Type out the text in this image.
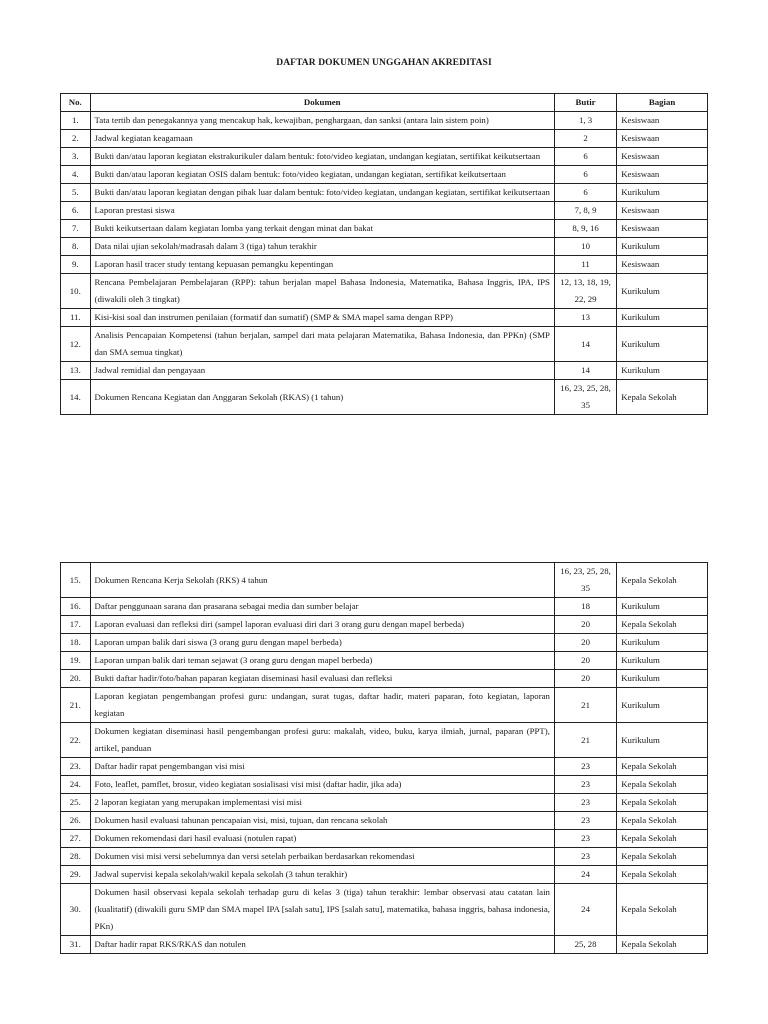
DAFTAR DOKUMEN UNGGAHAN AKREDITASI
No.	Dokumen	Butir	Bagian
1.	Tata tertib dan penegakannya yang mencakup hak, kewajiban, penghargaan, dan sanksi (antara lain sistem poin)	1, 3	Kesiswaan
2.	Jadwal kegiatan keagamaan	2	Kesiswaan
3.	Bukti dan/atau laporan kegiatan ekstrakurikuler dalam bentuk: foto/video kegiatan, undangan kegiatan, sertifikat keikutsertaan	6	Kesiswaan
4.	Bukti dan/atau laporan kegiatan OSIS dalam bentuk: foto/video kegiatan, undangan kegiatan, sertifikat keikutsertaan	6	Kesiswaan
5.	Bukti dan/atau laporan kegiatan dengan pihak luar dalam bentuk: foto/video kegiatan, undangan kegiatan, sertifikat keikutsertaan	6	Kurikulum
6.	Laporan prestasi siswa	7, 8, 9	Kesiswaan
7.	Bukti keikutsertaan dalam kegiatan lomba yang terkait dengan minat dan bakat	8, 9, 16	Kesiswaan
8.	Data nilai ujian sekolah/madrasah dalam 3 (tiga) tahun terakhir	10	Kurikulum
9.	Laporan hasil tracer study tentang kepuasan pemangku kepentingan	11	Kesiswaan
10.	Rencana Pembelajaran Pembelajaran (RPP): tahun berjalan mapel Bahasa Indonesia, Matematika, Bahasa Inggris, IPA, IPS (diwakili oleh 3 tingkat)	12, 13, 18, 19, 22, 29	Kurikulum
11.	Kisi-kisi soal dan instrumen penilaian (formatif dan sumatif) (SMP & SMA mapel sama dengan RPP)	13	Kurikulum
12.	Analisis Pencapaian Kompetensi (tahun berjalan, sampel dari mata pelajaran Matematika, Bahasa Indonesia, dan PPKn) (SMP dan SMA semua tingkat)	14	Kurikulum
13.	Jadwal remidial dan pengayaan	14	Kurikulum
14.	Dokumen Rencana Kegiatan dan Anggaran Sekolah (RKAS) (1 tahun)	16, 23, 25, 28, 35	Kepala Sekolah
15.	Dokumen Rencana Kerja Sekolah (RKS) 4 tahun	16, 23, 25, 28, 35	Kepala Sekolah
16.	Daftar penggunaan sarana dan prasarana sebagai media dan sumber belajar	18	Kurikulum
17.	Laporan evaluasi dan refleksi diri (sampel laporan evaluasi diri dari 3 orang guru dengan mapel berbeda)	20	Kepala Sekolah
18.	Laporan umpan balik dari siswa (3 orang guru dengan mapel berbeda)	20	Kurikulum
19.	Laporan umpan balik dari teman sejawat (3 orang guru dengan mapel berbeda)	20	Kurikulum
20.	Bukti daftar hadir/foto/bahan paparan kegiatan diseminasi hasil evaluasi dan refleksi	20	Kurikulum
21.	Laporan kegiatan pengembangan profesi guru: undangan, surat tugas, daftar hadir, materi paparan, foto kegiatan, laporan kegiatan	21	Kurikulum
22.	Dokumen kegiatan diseminasi hasil pengembangan profesi guru: makalah, video, buku, karya ilmiah, jurnal, paparan (PPT), artikel, panduan	21	Kurikulum
23.	Daftar hadir rapat pengembangan visi misi	23	Kepala Sekolah
24.	Foto, leaflet, pamflet, brosur, video kegiatan sosialisasi visi misi (daftar hadir, jika ada)	23	Kepala Sekolah
25.	2 laporan kegiatan yang merupakan implementasi visi misi	23	Kepala Sekolah
26.	Dokumen hasil evaluasi tahunan pencapaian visi, misi, tujuan, dan rencana sekolah	23	Kepala Sekolah
27.	Dokumen rekomendasi dari hasil evaluasi (notulen rapat)	23	Kepala Sekolah
28.	Dokumen visi misi versi sebelumnya dan versi setelah perbaikan berdasarkan rekomendasi	23	Kepala Sekolah
29.	Jadwal supervisi kepala sekolah/wakil kepala sekolah (3 tahun terakhir)	24	Kepala Sekolah
30.	Dokumen hasil observasi kepala sekolah terhadap guru di kelas 3 (tiga) tahun terakhir: lembar observasi atau catatan lain (kualitatif) (diwakili guru SMP dan SMA mapel IPA [salah satu], IPS [salah satu], matematika, bahasa inggris, bahasa indonesia, PKn)	24	Kepala Sekolah
31.	Daftar hadir rapat RKS/RKAS dan notulen	25, 28	Kepala Sekolah
